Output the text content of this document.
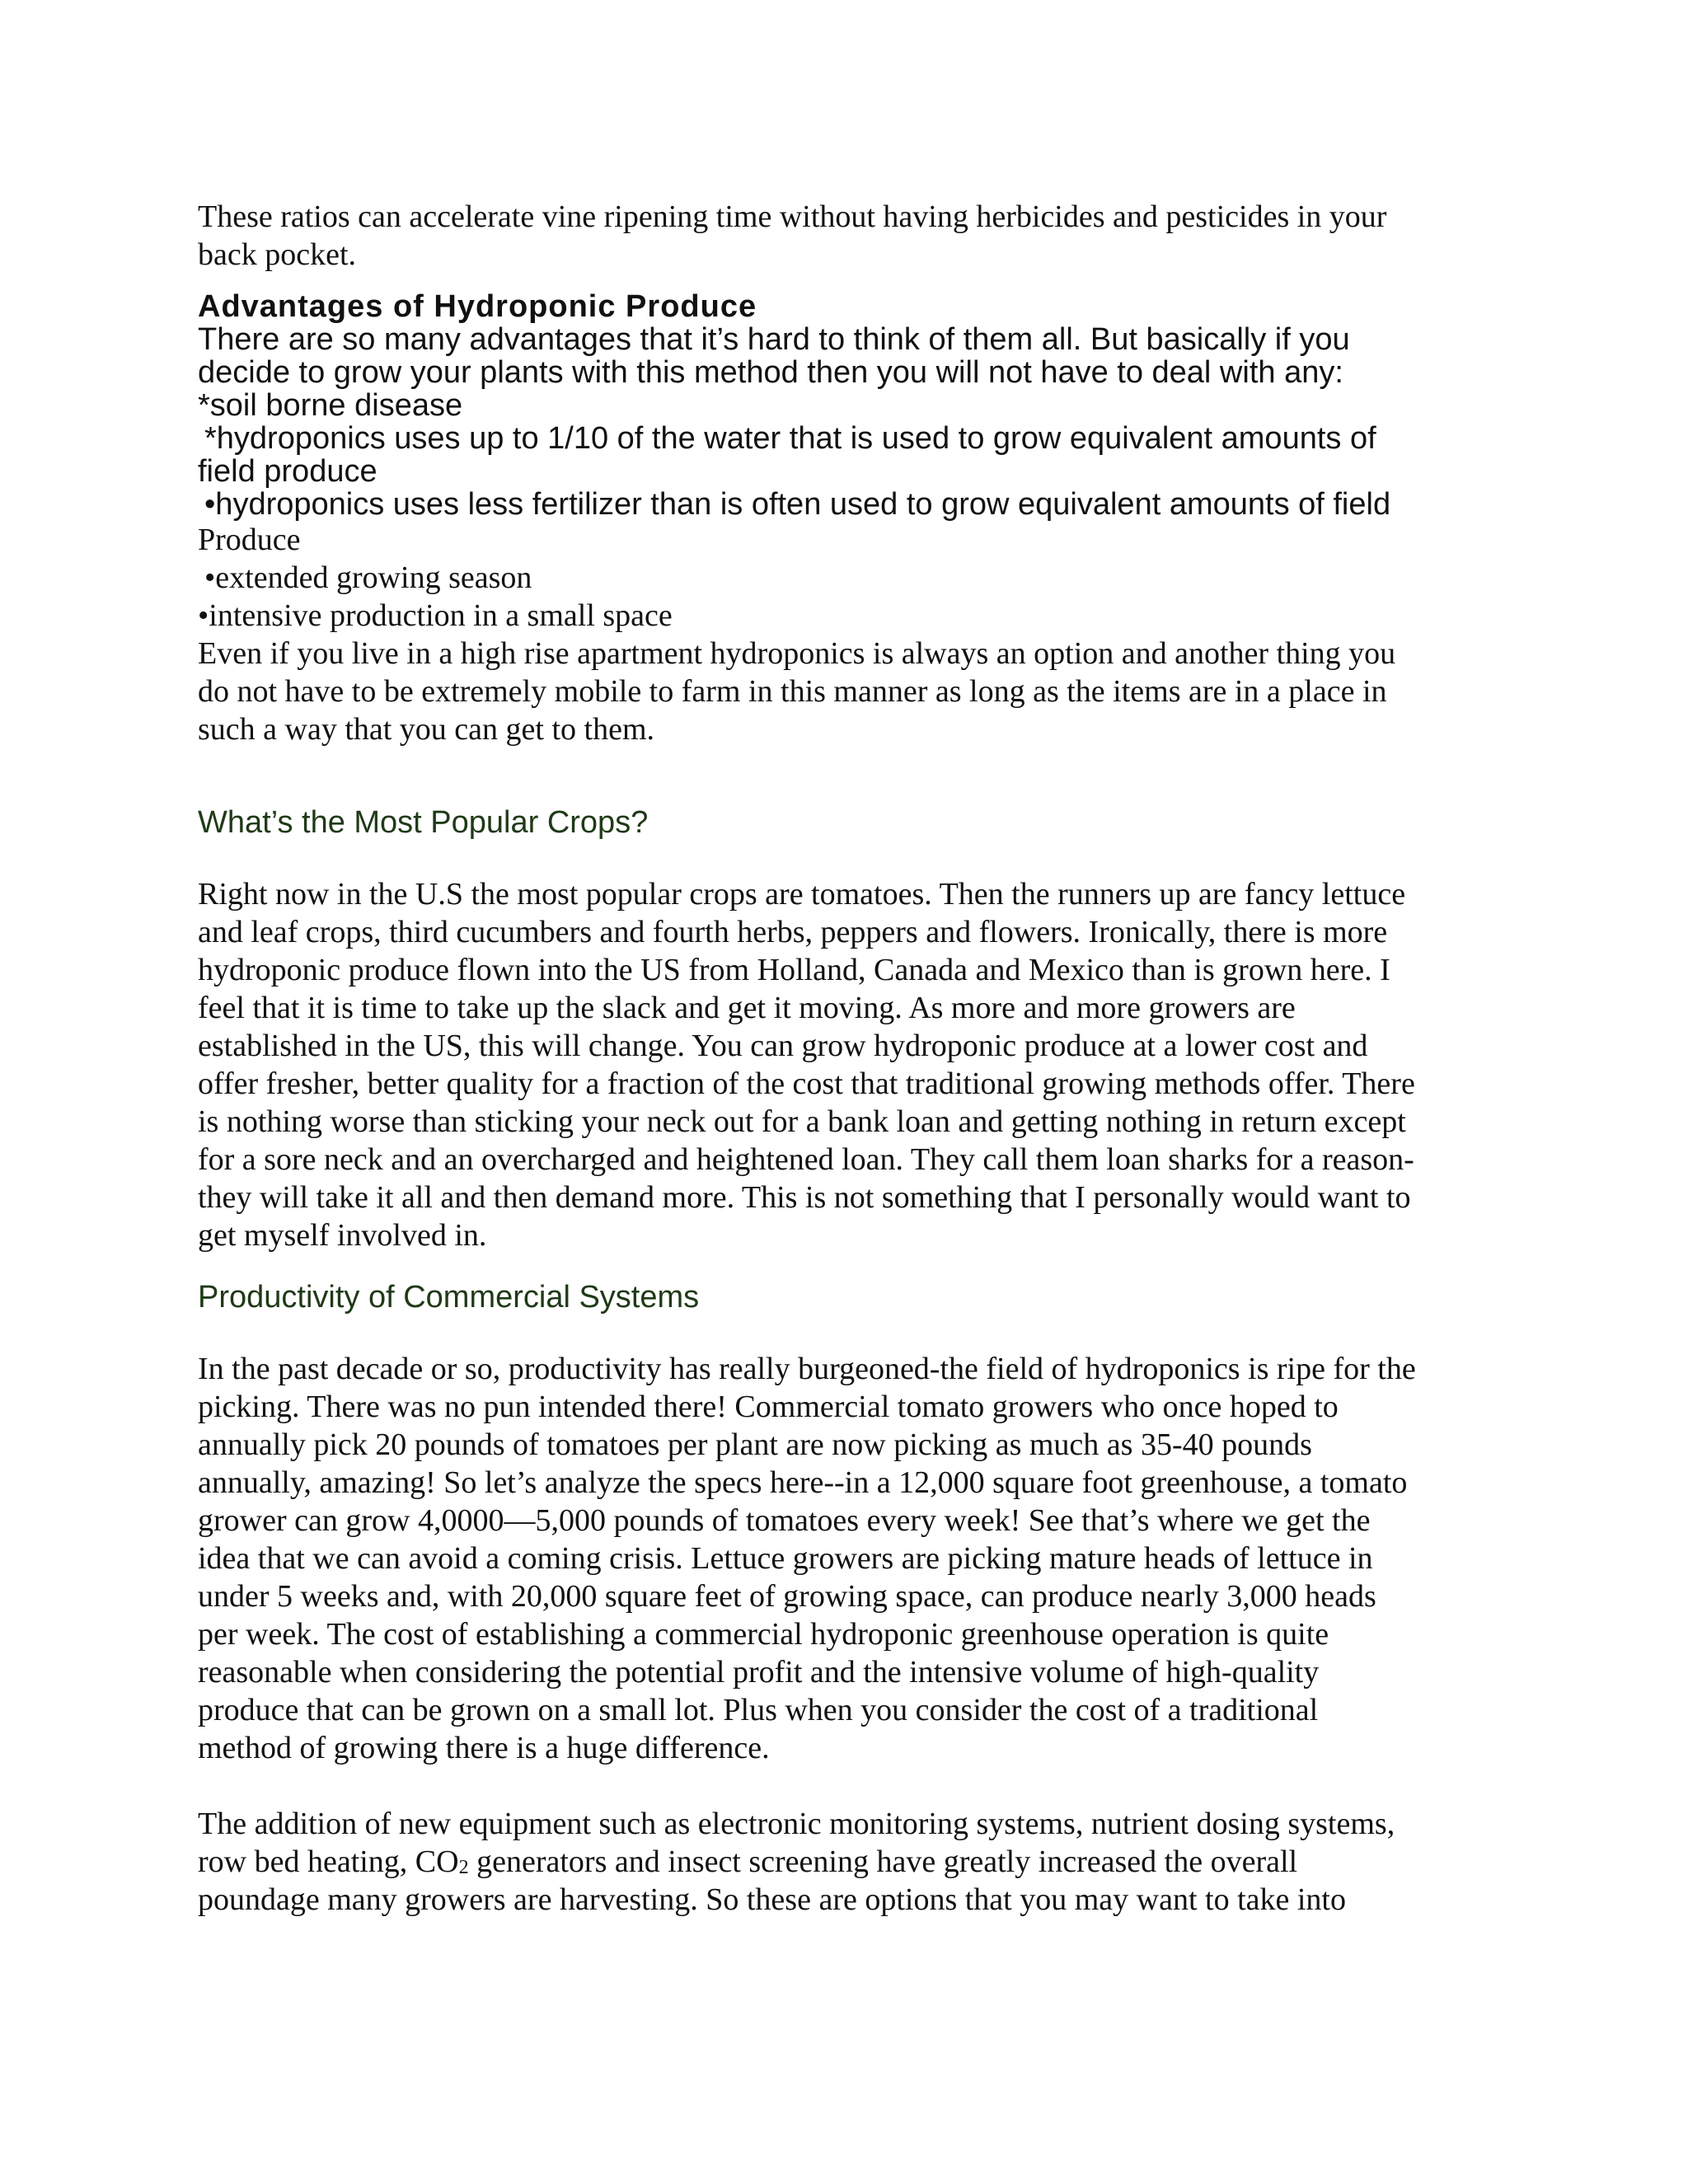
These ratios can accelerate vine ripening time without having herbicides and pesticides in your
back pocket.

Advantages of Hydroponic Produce
There are so many advantages that it’s hard to think of them all. But basically if you
decide to grow your plants with this method then you will not have to deal with any:
*soil borne disease
*hydroponics uses up to 1/10 of the water that is used to grow equivalent amounts of
field produce
•hydroponics uses less fertilizer than is often used to grow equivalent amounts of field
Produce
•extended growing season
•intensive production in a small space
Even if you live in a high rise apartment hydroponics is always an option and another thing you
do not have to be extremely mobile to farm in this manner as long as the items are in a place in
such a way that you can get to them.
What’s the Most Popular Crops?

Right now in the U.S the most popular crops are tomatoes. Then the runners up are fancy lettuce
and leaf crops, third cucumbers and fourth herbs, peppers and flowers. Ironically, there is more
hydroponic produce flown into the US from Holland, Canada and Mexico than is grown here. I
feel that it is time to take up the slack and get it moving. As more and more growers are
established in the US, this will change. You can grow hydroponic produce at a lower cost and
offer fresher, better quality for a fraction of the cost that traditional growing methods offer. There
is nothing worse than sticking your neck out for a bank loan and getting nothing in return except
for a sore neck and an overcharged and heightened loan. They call them loan sharks for a reason-
they will take it all and then demand more. This is not something that I personally would want to
get myself involved in.

Productivity of Commercial Systems

In the past decade or so, productivity has really burgeoned-the field of hydroponics is ripe for the
picking. There was no pun intended there! Commercial tomato growers who once hoped to
annually pick 20 pounds of tomatoes per plant are now picking as much as 35-40 pounds
annually, amazing! So let’s analyze the specs here--in a 12,000 square foot greenhouse, a tomato
grower can grow 4,0000—5,000 pounds of tomatoes every week! See that’s where we get the
idea that we can avoid a coming crisis. Lettuce growers are picking mature heads of lettuce in
under 5 weeks and, with 20,000 square feet of growing space, can produce nearly 3,000 heads
per week. The cost of establishing a commercial hydroponic greenhouse operation is quite
reasonable when considering the potential profit and the intensive volume of high-quality
produce that can be grown on a small lot. Plus when you consider the cost of a traditional
method of growing there is a huge difference.

The addition of new equipment such as electronic monitoring systems, nutrient dosing systems,
row bed heating, $CO_2$ generators and insect screening have greatly increased the overall
poundage many growers are harvesting. So these are options that you may want to take into
